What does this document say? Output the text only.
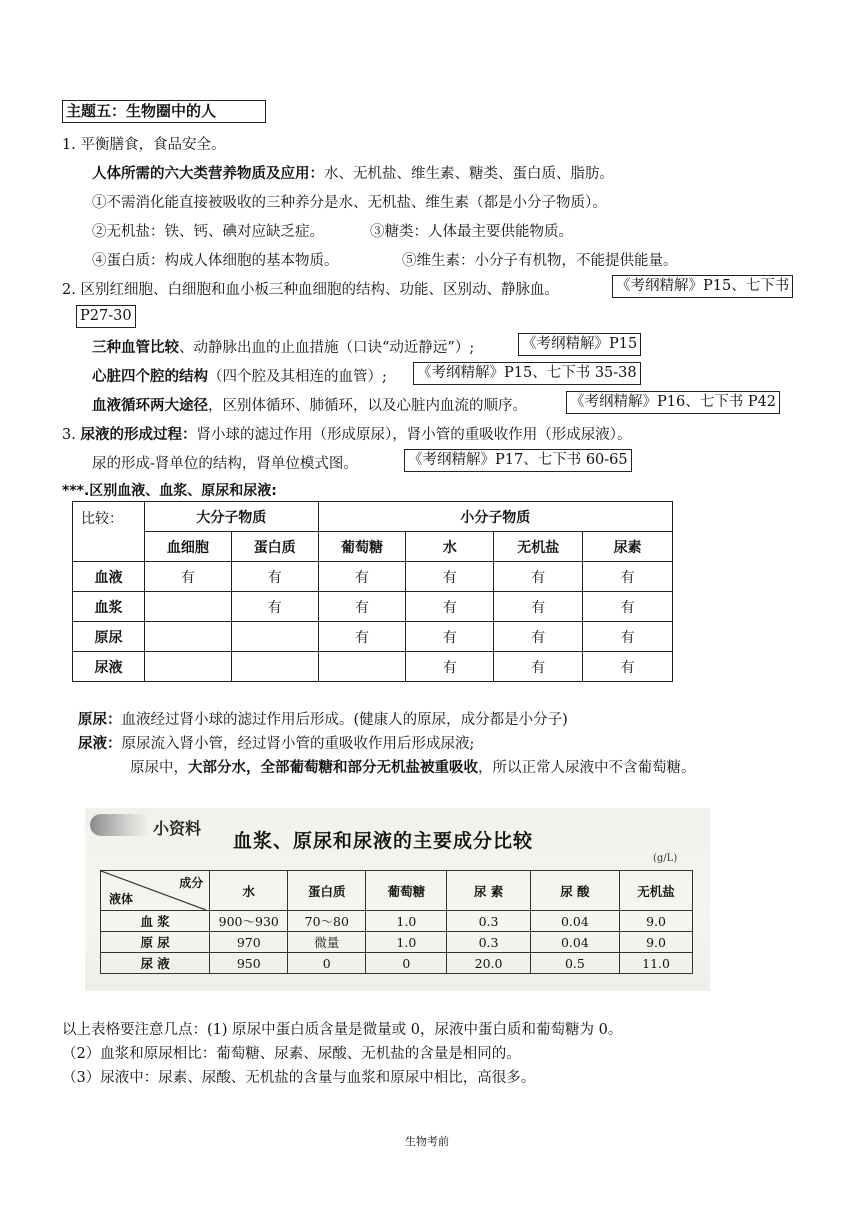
主题五：生物圈中的人
1. 平衡膳食，食品安全。
人体所需的六大类营养物质及应用：水、无机盐、维生素、糖类、蛋白质、脂肪。
①不需消化能直接被吸收的三种养分是水、无机盐、维生素（都是小分子物质）。
②无机盐：铁、钙、碘对应缺乏症。	③糖类：人体最主要供能物质。
④蛋白质：构成人体细胞的基本物质。	⑤维生素：小分子有机物，不能提供能量。
2. 区别红细胞、白细胞和血小板三种血细胞的结构、功能、区别动、静脉血。	《考纲精解》P15、七下书
P27-30
三种血管比较、动静脉出血的止血措施（口诀“动近静远”）;	《考纲精解》P15
心脏四个腔的结构（四个腔及其相连的血管）; 《考纲精解》P15、七下书 35-38
血液循环两大途径，区别体循环、肺循环，以及心脏内血流的顺序。	《考纲精解》P16、七下书 P42
3. 尿液的形成过程：肾小球的滤过作用（形成原尿），肾小管的重吸收作用（形成尿液）。
尿的形成-肾单位的结构，肾单位模式图。	《考纲精解》P17、七下书 60-65
***.区别血液、血浆、原尿和尿液:
比较：	大分子物质		小分子物质			
	血细胞	蛋白质	葡萄糖	水	无机盐	尿素
血液	有	有	有	有	有	有
血浆		有	有	有	有	有
原尿			有	有	有	有
尿液				有	有	有
原尿：血液经过肾小球的滤过作用后形成。(健康人的原尿，成分都是小分子)
尿液：原尿流入肾小管，经过肾小管的重吸收作用后形成尿液;
原尿中，大部分水，全部葡萄糖和部分无机盐被重吸收，所以正常人尿液中不含葡萄糖。
小资料
血浆、原尿和尿液的主要成分比较
(g/L)
成分
液体	水	蛋白质	葡萄糖	尿 素	尿 酸	无机盐
血 浆	900～930	70～80	1.0	0.3	0.04	9.0
原 尿	970	微量	1.0	0.3	0.04	9.0
尿 液	950	0	0	20.0	0.5	11.0
以上表格要注意几点：(1) 原尿中蛋白质含量是微量或 0，尿液中蛋白质和葡萄糖为 0。
（2）血浆和原尿相比：葡萄糖、尿素、尿酸、无机盐的含量是相同的。
（3）尿液中：尿素、尿酸、无机盐的含量与血浆和原尿中相比，高很多。
生物考前
